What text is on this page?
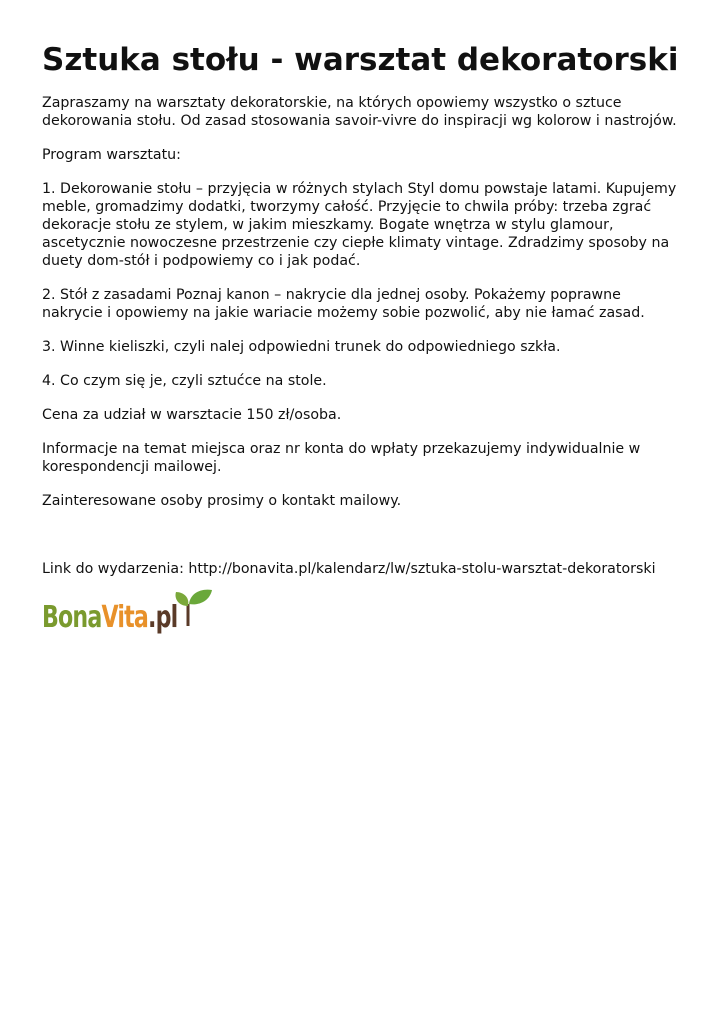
Sztuka stołu - warsztat dekoratorski

Zapraszamy na warsztaty dekoratorskie, na których opowiemy wszystko o sztuce dekorowania stołu. Od zasad stosowania savoir-vivre do inspiracji wg kolorow i nastrojów.

Program warsztatu:

1. Dekorowanie stołu – przyjęcia w różnych stylach Styl domu powstaje latami. Kupujemy meble, gromadzimy dodatki, tworzymy całość. Przyjęcie to chwila próby: trzeba zgrać dekoracje stołu ze stylem, w jakim mieszkamy. Bogate wnętrza w stylu glamour, ascetycznie nowoczesne przestrzenie czy ciepłe klimaty vintage. Zdradzimy sposoby na duety dom-stół i podpowiemy co i jak podać.

2. Stół z zasadami Poznaj kanon – nakrycie dla jednej osoby. Pokażemy poprawne nakrycie i opowiemy na jakie wariacie możemy sobie pozwolić, aby nie łamać zasad.

3. Winne kieliszki, czyli nalej odpowiedni trunek do odpowiedniego szkła.

4. Co czym się je, czyli sztućce na stole.

Cena za udział w warsztacie 150 zł/osoba.

Informacje na temat miejsca oraz nr konta do wpłaty przekazujemy indywidualnie w korespondencji mailowej.

Zainteresowane osoby prosimy o kontakt mailowy.

Link do wydarzenia: http://bonavita.pl/kalendarz/lw/sztuka-stolu-warsztat-dekoratorski

BonaVita.pl
